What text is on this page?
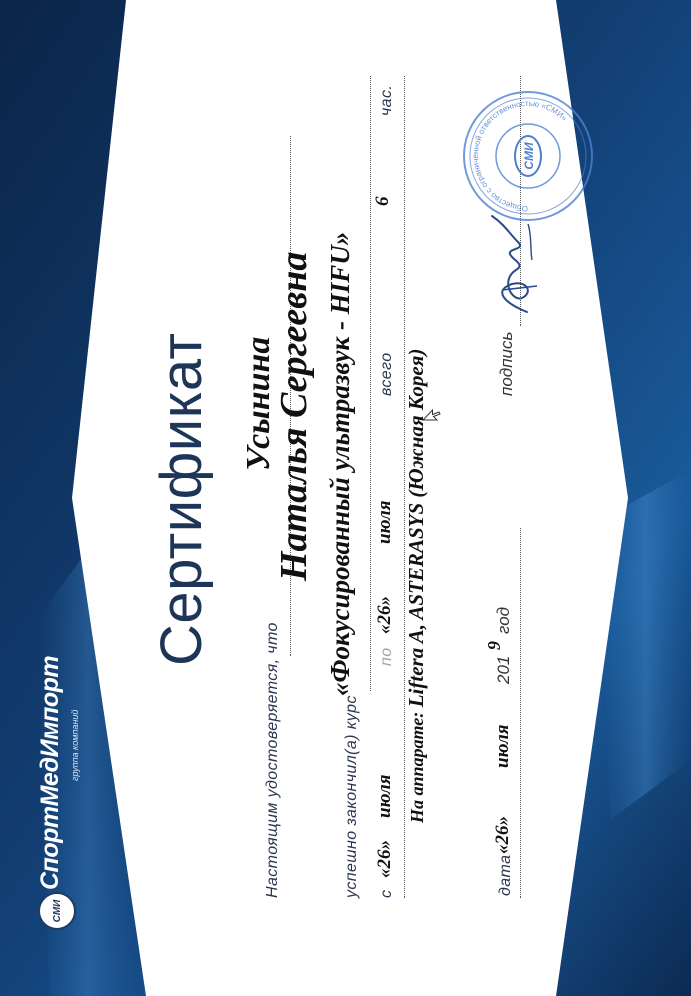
СМИ
СпортМедИмпорт группа компаний
Сертификат
Настоящим удостоверяется, что
Усынина
Наталья Сергеевна
успешно закончил(а) курс
«Фокусированный ультразвук - HIFU»
с
«26»
июля
по
«26»
июля
всего
6
час.
На аппарате: Liftera A, ASTERASYS (Южная Корея)
дата
«26»
июля
201
9
год
подпись
Общество с ограниченной ответственностью «СМИ»
СМИ
